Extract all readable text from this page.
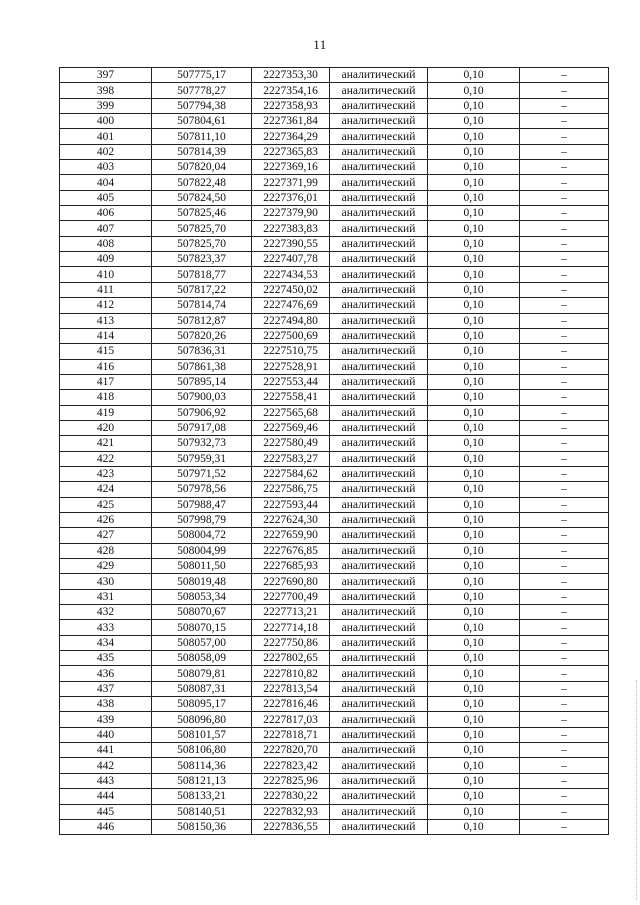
11
397	507775,17	2227353,30	аналитический	0,10	–
398	507778,27	2227354,16	аналитический	0,10	–
399	507794,38	2227358,93	аналитический	0,10	–
400	507804,61	2227361,84	аналитический	0,10	–
401	507811,10	2227364,29	аналитический	0,10	–
402	507814,39	2227365,83	аналитический	0,10	–
403	507820,04	2227369,16	аналитический	0,10	–
404	507822,48	2227371,99	аналитический	0,10	–
405	507824,50	2227376,01	аналитический	0,10	–
406	507825,46	2227379,90	аналитический	0,10	–
407	507825,70	2227383,83	аналитический	0,10	–
408	507825,70	2227390,55	аналитический	0,10	–
409	507823,37	2227407,78	аналитический	0,10	–
410	507818,77	2227434,53	аналитический	0,10	–
411	507817,22	2227450,02	аналитический	0,10	–
412	507814,74	2227476,69	аналитический	0,10	–
413	507812,87	2227494,80	аналитический	0,10	–
414	507820,26	2227500,69	аналитический	0,10	–
415	507836,31	2227510,75	аналитический	0,10	–
416	507861,38	2227528,91	аналитический	0,10	–
417	507895,14	2227553,44	аналитический	0,10	–
418	507900,03	2227558,41	аналитический	0,10	–
419	507906,92	2227565,68	аналитический	0,10	–
420	507917,08	2227569,46	аналитический	0,10	–
421	507932,73	2227580,49	аналитический	0,10	–
422	507959,31	2227583,27	аналитический	0,10	–
423	507971,52	2227584,62	аналитический	0,10	–
424	507978,56	2227586,75	аналитический	0,10	–
425	507988,47	2227593,44	аналитический	0,10	–
426	507998,79	2227624,30	аналитический	0,10	–
427	508004,72	2227659,90	аналитический	0,10	–
428	508004,99	2227676,85	аналитический	0,10	–
429	508011,50	2227685,93	аналитический	0,10	–
430	508019,48	2227690,80	аналитический	0,10	–
431	508053,34	2227700,49	аналитический	0,10	–
432	508070,67	2227713,21	аналитический	0,10	–
433	508070,15	2227714,18	аналитический	0,10	–
434	508057,00	2227750,86	аналитический	0,10	–
435	508058,09	2227802,65	аналитический	0,10	–
436	508079,81	2227810,82	аналитический	0,10	–
437	508087,31	2227813,54	аналитический	0,10	–
438	508095,17	2227816,46	аналитический	0,10	–
439	508096,80	2227817,03	аналитический	0,10	–
440	508101,57	2227818,71	аналитический	0,10	–
441	508106,80	2227820,70	аналитический	0,10	–
442	508114,36	2227823,42	аналитический	0,10	–
443	508121,13	2227825,96	аналитический	0,10	–
444	508133,21	2227830,22	аналитический	0,10	–
445	508140,51	2227832,93	аналитический	0,10	–
446	508150,36	2227836,55	аналитический	0,10	–
